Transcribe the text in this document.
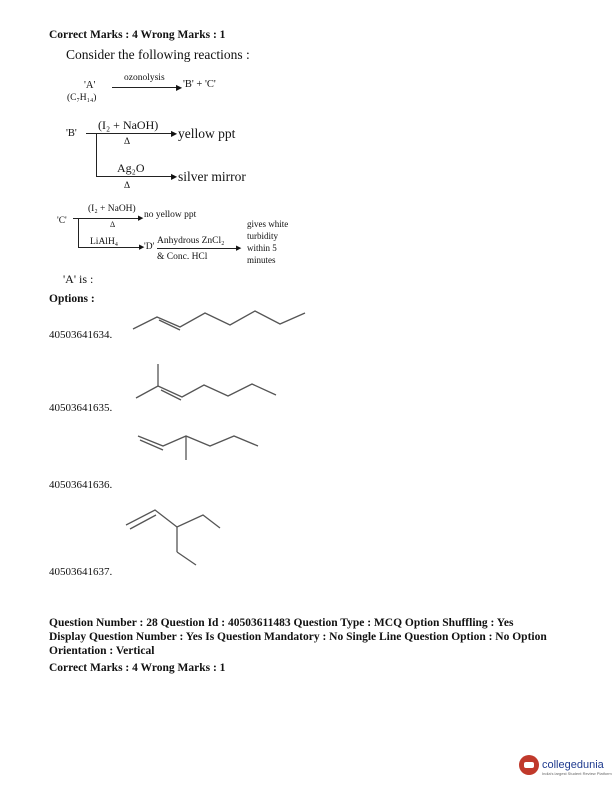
Correct Marks : 4 Wrong Marks : 1
Consider the following reactions :
'A'
(C₇H₁₄)
ozonolysis
▶ 'B' + 'C'
'B'
(I₂ + NaOH)
▶
Δ
yellow ppt
Ag₂O
▶
Δ
silver mirror
'C'
(I₂ + NaOH)
▶
Δ
no yellow ppt
LiAlH₄	▶ 'D'
Anhydrous ZnCl₂
▶
& Conc. HCl
gives white
turbidity
within 5
minutes
'A' is :
Options :
40503641634.
40503641635.
40503641636.
40503641637.
Question Number : 28 Question Id : 40503611483 Question Type : MCQ Option Shuffling : Yes
Display Question Number : Yes Is Question Mandatory : No Single Line Question Option : No Option
Orientation : Vertical
Correct Marks : 4 Wrong Marks : 1
collegedunia
India's largest Student Review Platform
